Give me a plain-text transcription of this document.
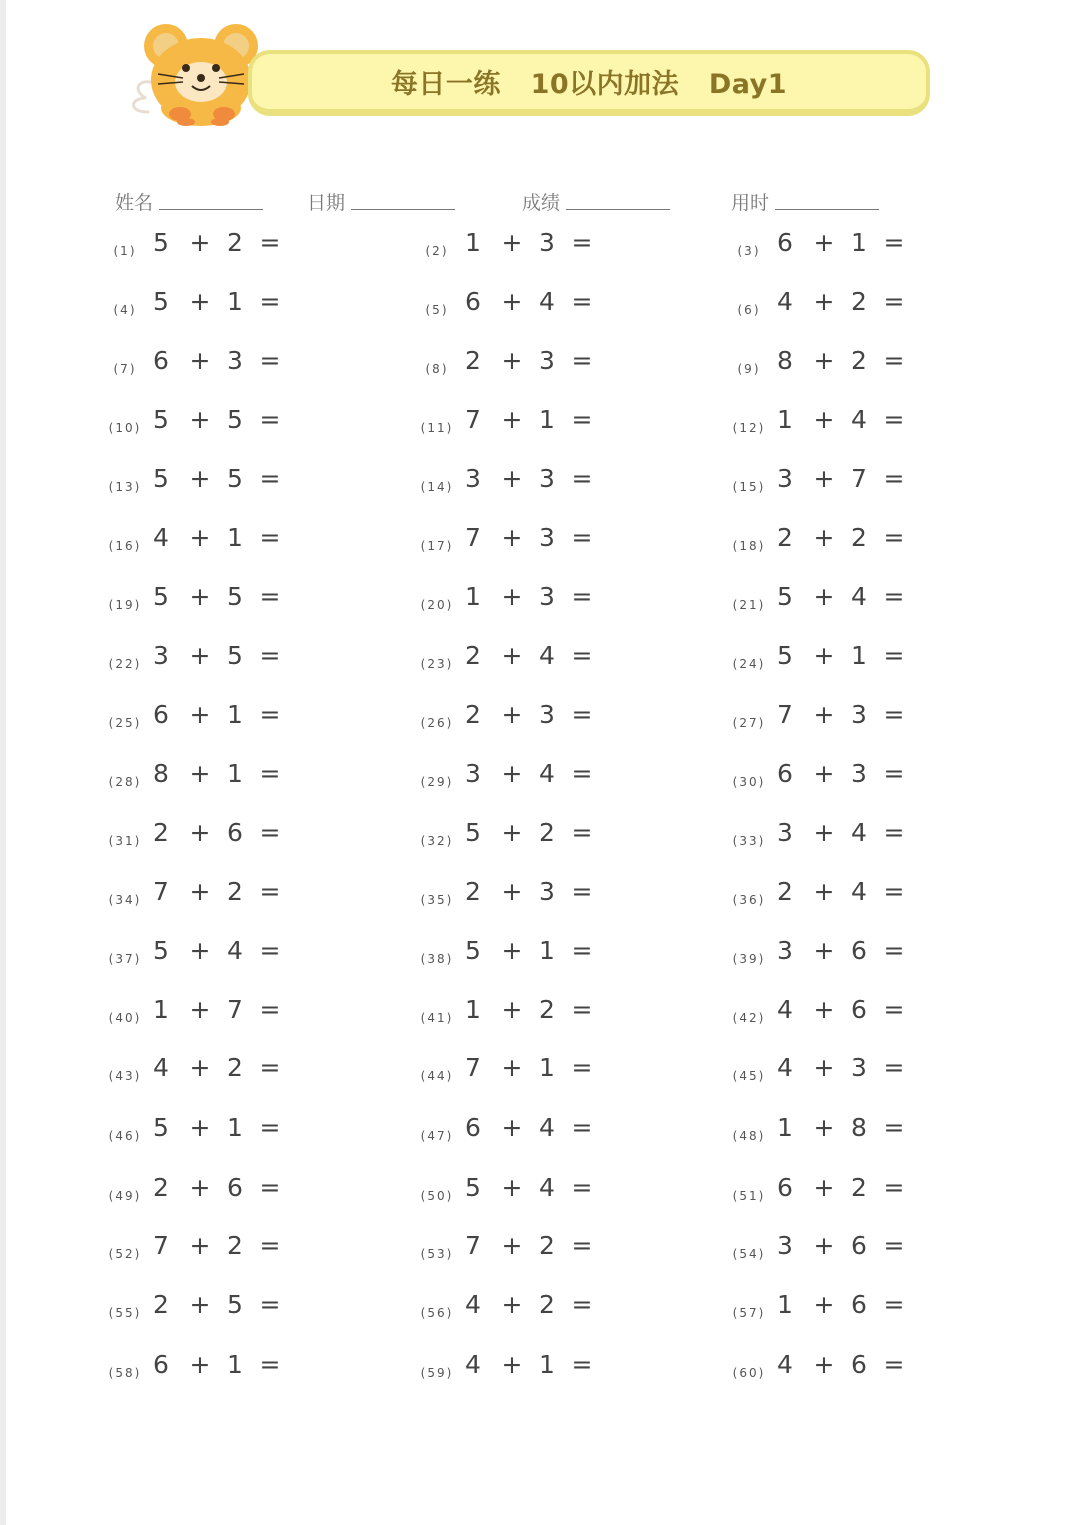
每日一练   10以内加法   Day1
姓名	日期	成绩	用时
(1) 5 + 2 =	(2) 1 + 3 =	(3) 6 + 1 =
(4) 5 + 1 =	(5) 6 + 4 =	(6) 4 + 2 =
(7) 6 + 3 =	(8) 2 + 3 =	(9) 8 + 2 =
(10) 5 + 5 =	(11) 7 + 1 =	(12) 1 + 4 =
(13) 5 + 5 =	(14) 3 + 3 =	(15) 3 + 7 =
(16) 4 + 1 =	(17) 7 + 3 =	(18) 2 + 2 =
(19) 5 + 5 =	(20) 1 + 3 =	(21) 5 + 4 =
(22) 3 + 5 =	(23) 2 + 4 =	(24) 5 + 1 =
(25) 6 + 1 =	(26) 2 + 3 =	(27) 7 + 3 =
(28) 8 + 1 =	(29) 3 + 4 =	(30) 6 + 3 =
(31) 2 + 6 =	(32) 5 + 2 =	(33) 3 + 4 =
(34) 7 + 2 =	(35) 2 + 3 =	(36) 2 + 4 =
(37) 5 + 4 =	(38) 5 + 1 =	(39) 3 + 6 =
(40) 1 + 7 =	(41) 1 + 2 =	(42) 4 + 6 =
(43) 4 + 2 =	(44) 7 + 1 =	(45) 4 + 3 =
(46) 5 + 1 =	(47) 6 + 4 =	(48) 1 + 8 =
(49) 2 + 6 =	(50) 5 + 4 =	(51) 6 + 2 =
(52) 7 + 2 =	(53) 7 + 2 =	(54) 3 + 6 =
(55) 2 + 5 =	(56) 4 + 2 =	(57) 1 + 6 =
(58) 6 + 1 =	(59) 4 + 1 =	(60) 4 + 6 =
